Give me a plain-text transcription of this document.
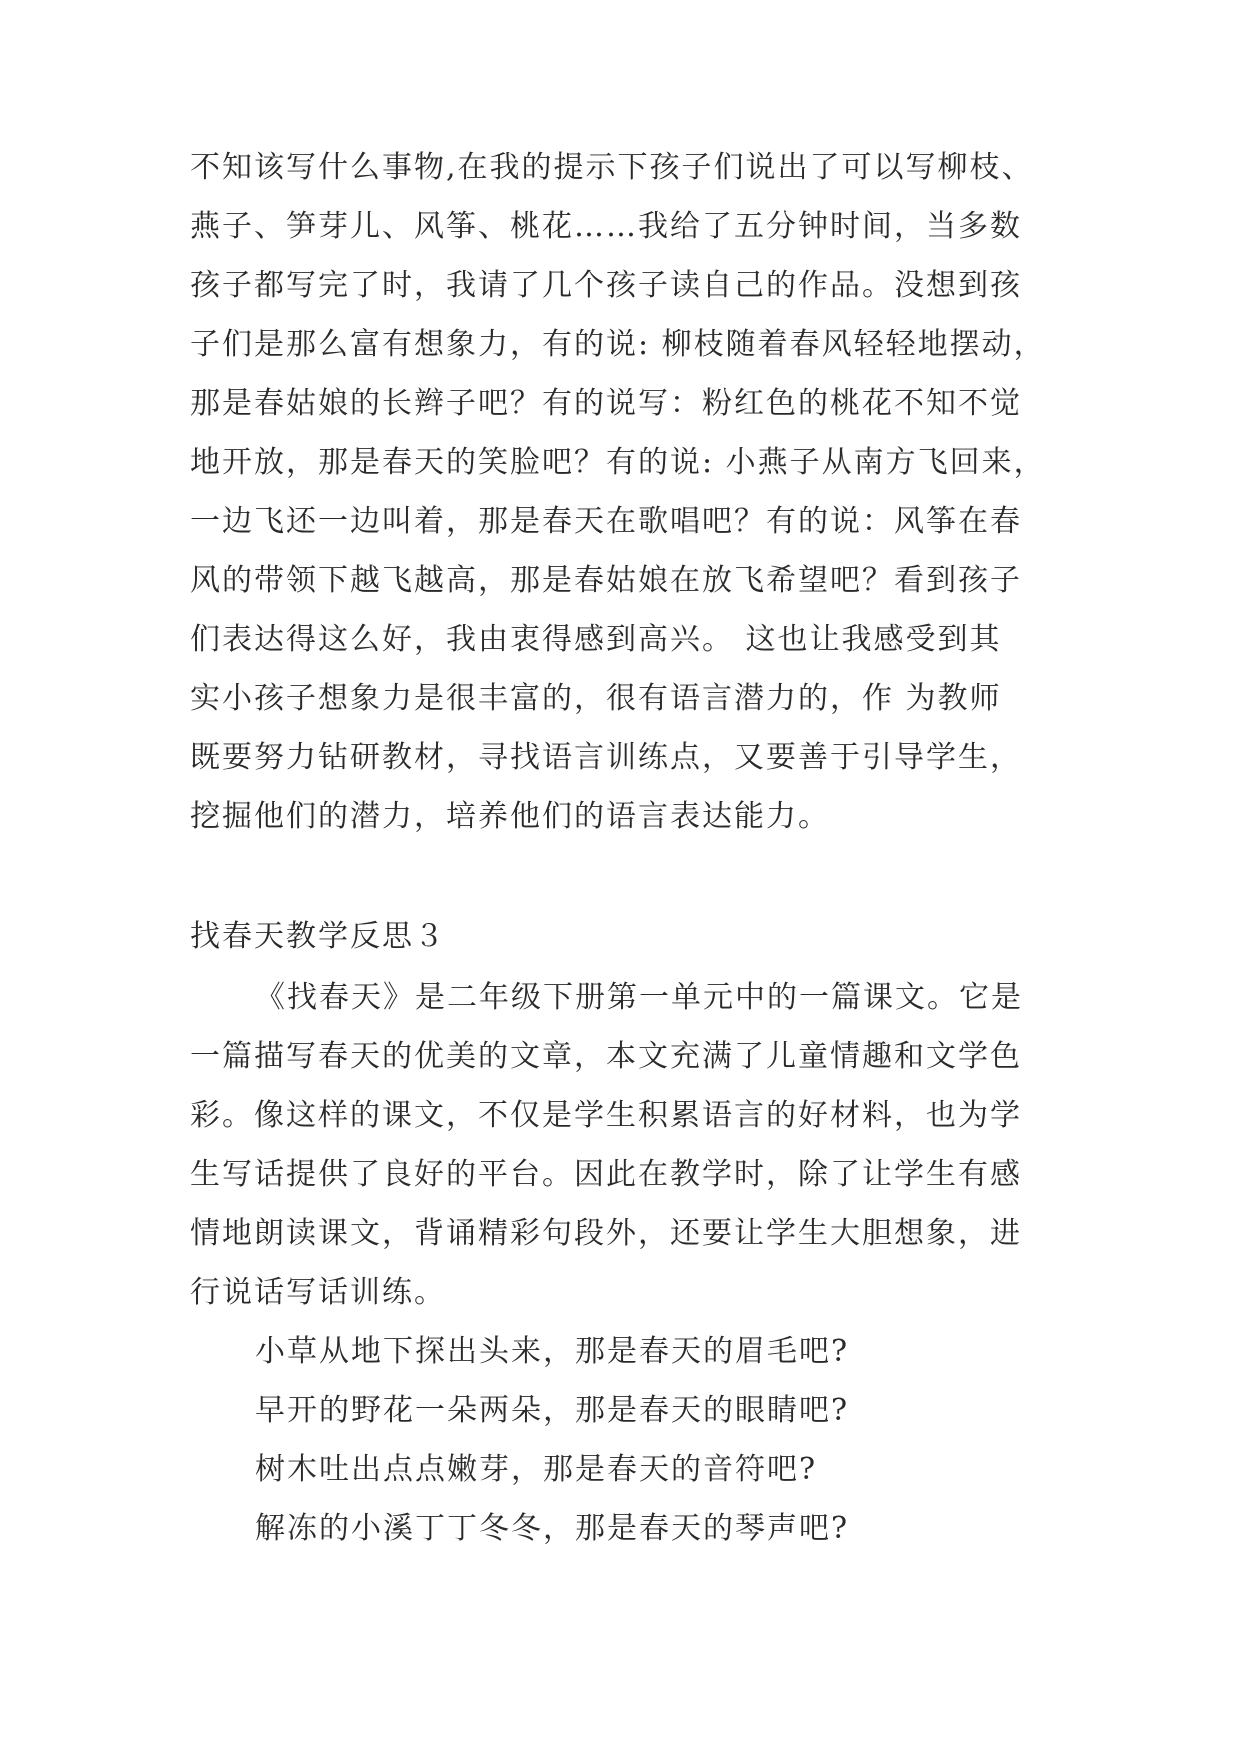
不知该写什么事物,在我的提示下孩子们说出了可以写柳枝、

燕子、笋芽儿、风筝、桃花……我给了五分钟时间，当多数

孩子都写完了时，我请了几个孩子读自己的作品。没想到孩

子们是那么富有想象力，有的说: 柳枝随着春风轻轻地摆动，

那是春姑娘的长辫子吧？有的说写：粉红色的桃花不知不觉

地开放，那是春天的笑脸吧？有的说: 小燕子从南方飞回来，

一边飞还一边叫着，那是春天在歌唱吧？有的说：风筝在春

风的带领下越飞越高，那是春姑娘在放飞希望吧？看到孩子

们表达得这么好，我由衷得感到高兴。 这也让我感受到其

实小孩子想象力是很丰富的，很有语言潜力的，作 为教师

既要努力钻研教材，寻找语言训练点，又要善于引导学生，

挖掘他们的潜力，培养他们的语言表达能力。

找春天教学反思３

《找春天》是二年级下册第一单元中的一篇课文。它是

一篇描写春天的优美的文章，本文充满了儿童情趣和文学色

彩。像这样的课文，不仅是学生积累语言的好材料，也为学

生写话提供了良好的平台。因此在教学时，除了让学生有感

情地朗读课文，背诵精彩句段外，还要让学生大胆想象，进

行说话写话训练。

小草从地下探出头来，那是春天的眉毛吧?

早开的野花一朵两朵，那是春天的眼睛吧?

树木吐出点点嫩芽，那是春天的音符吧?

解冻的小溪丁丁冬冬，那是春天的琴声吧?
